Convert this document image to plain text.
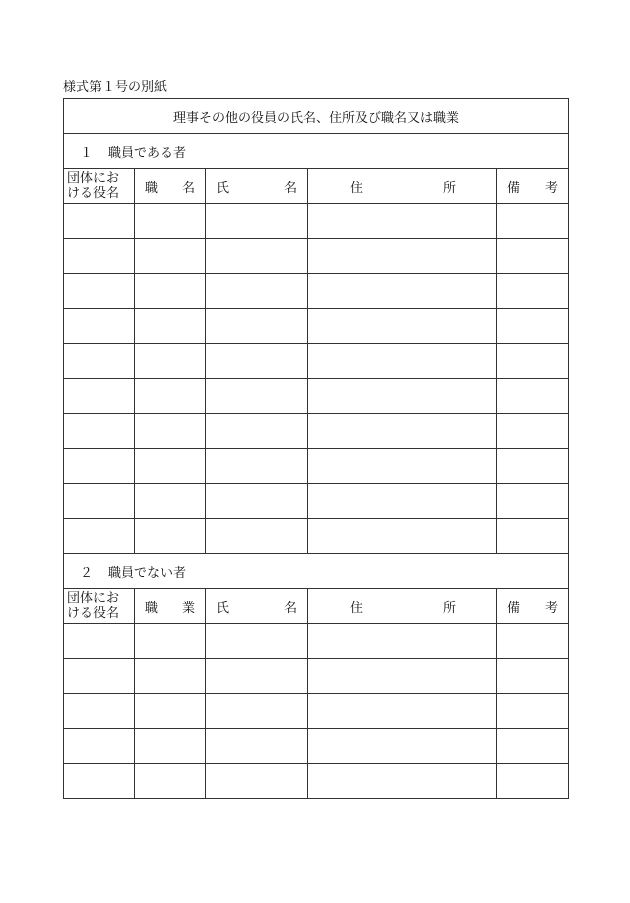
様式第１号の別紙
理事その他の役員の氏名、住所及び職名又は職業				
１ 職員である者				

団体にお
ける役名	職 名	氏 名	住 所	備 考

２ 職員でない者				

団体にお
ける役名	職 業	氏 名	住 所	備 考
